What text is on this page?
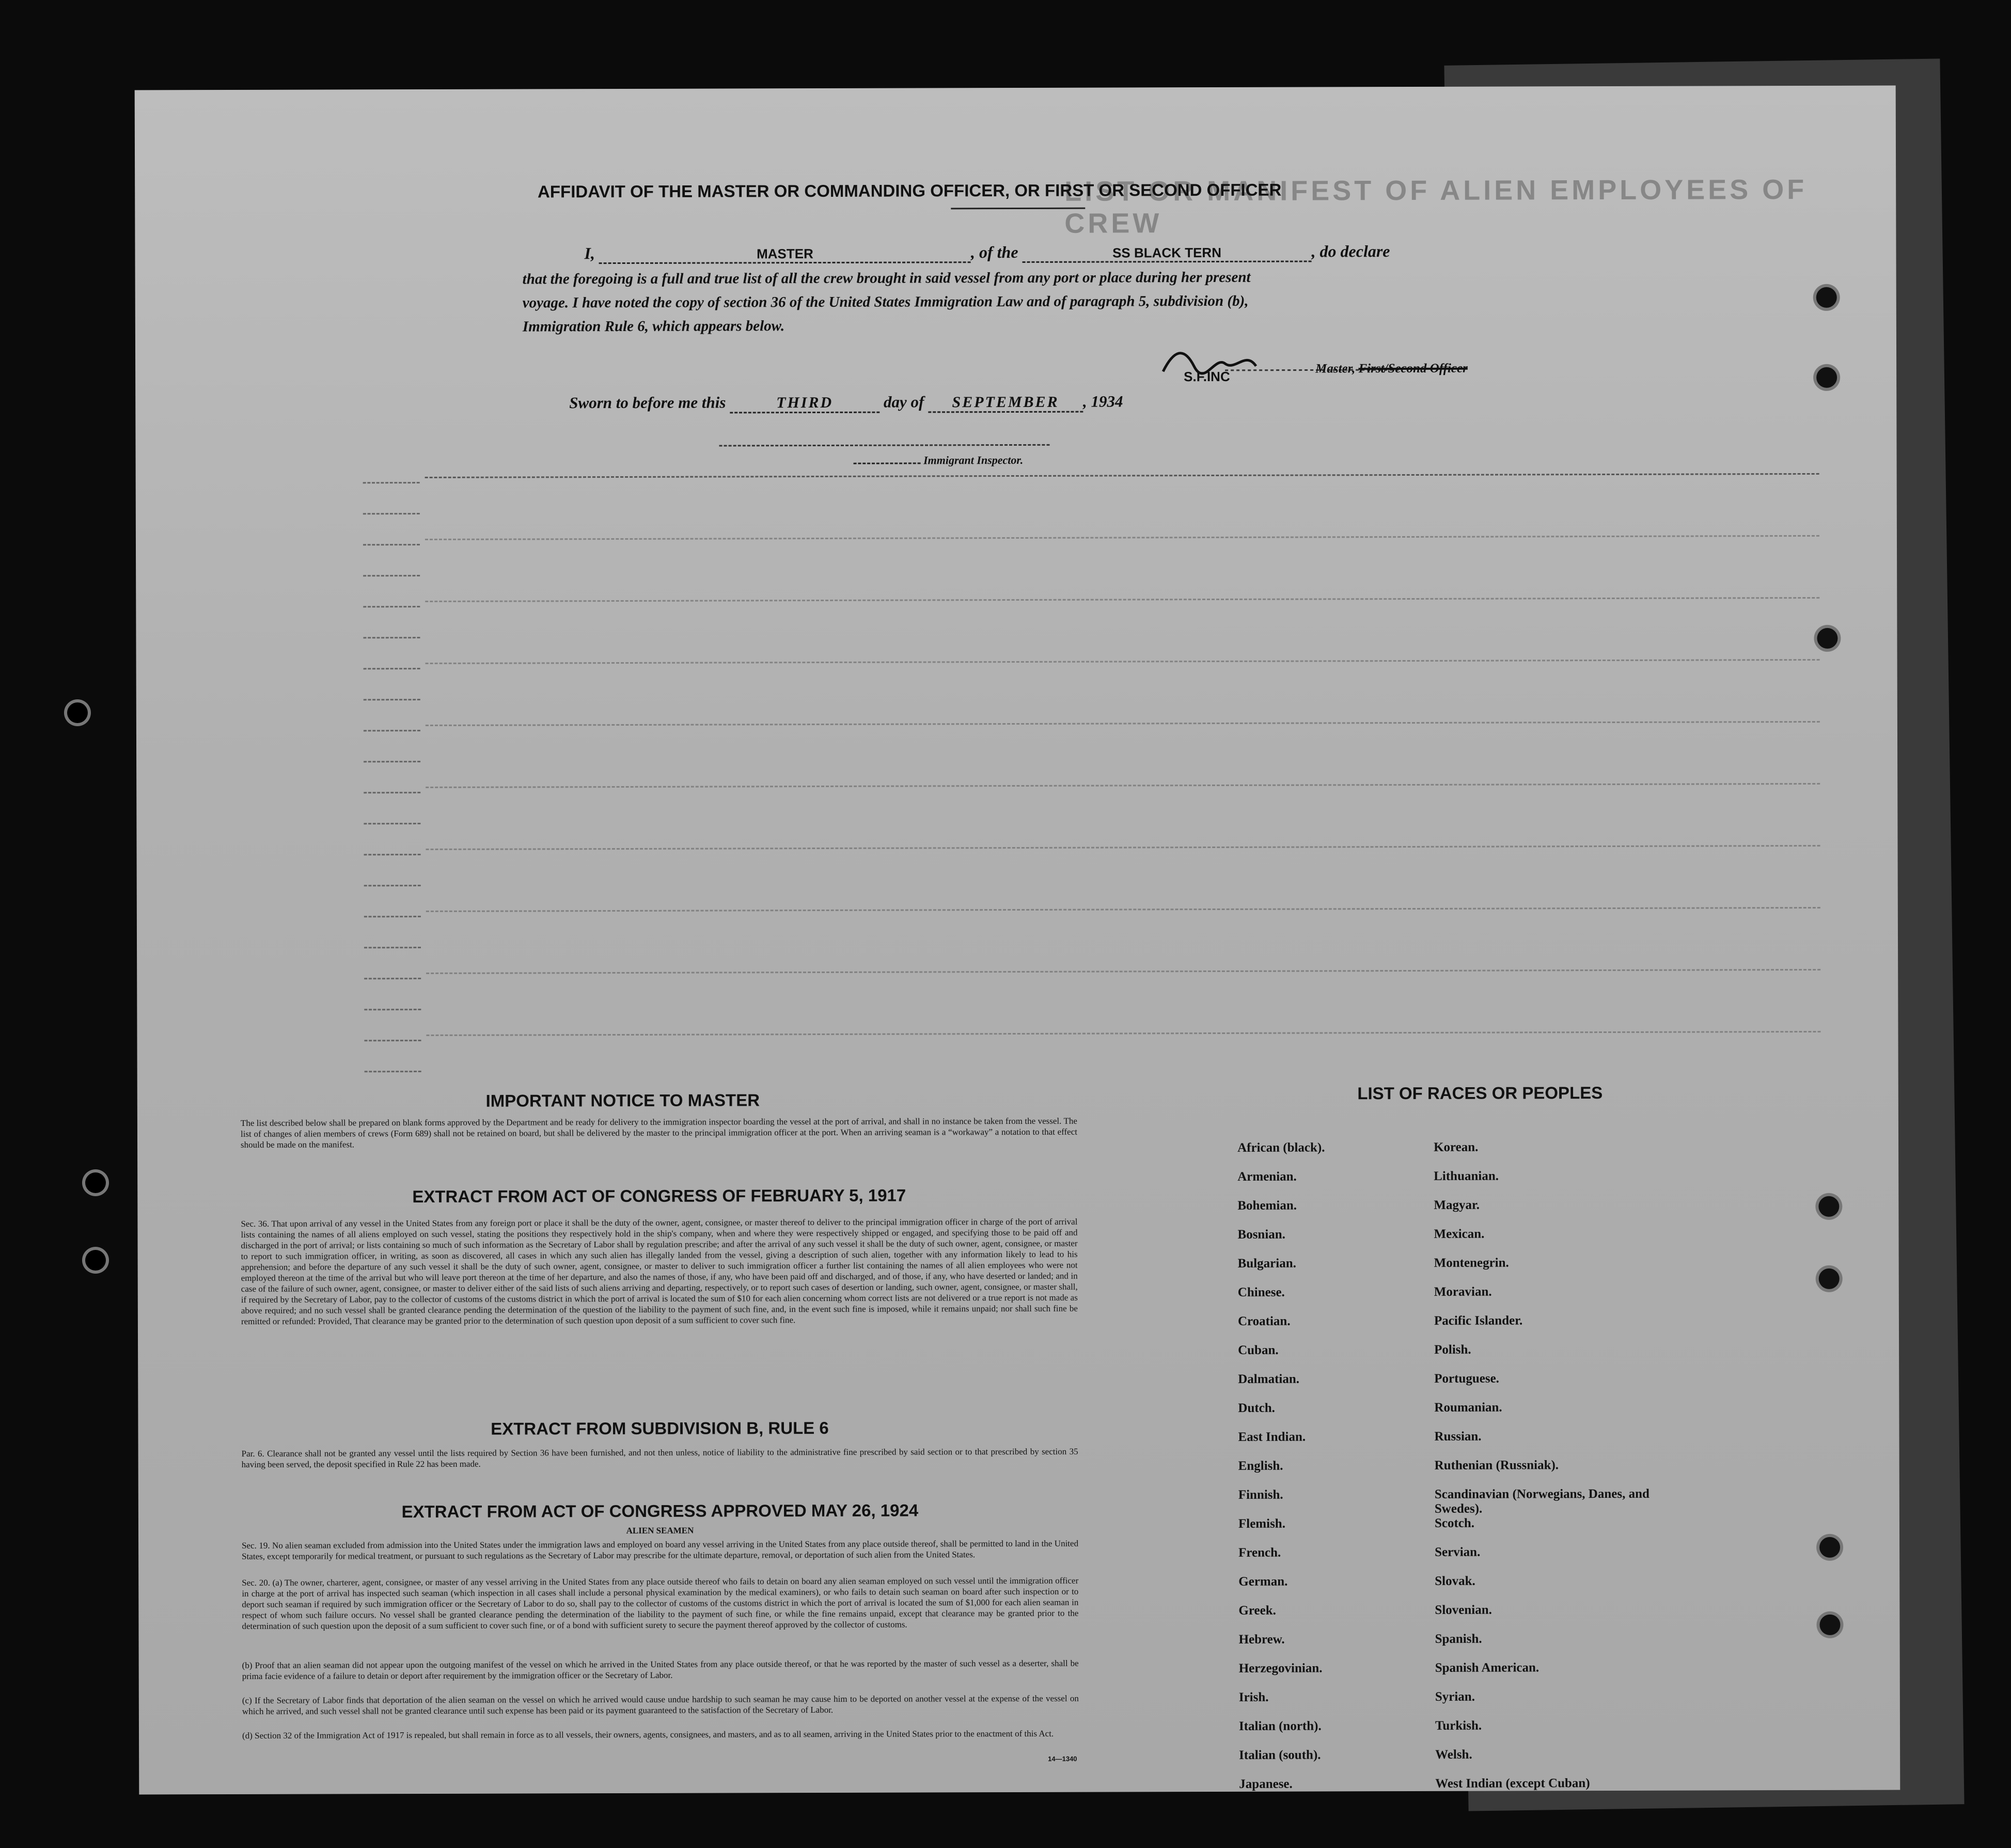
LIST OR MANIFEST OF ALIEN EMPLOYEES OF CREW
AFFIDAVIT OF THE MASTER OR COMMANDING OFFICER, OR FIRST OR SECOND OFFICER
I,	MASTER	, of the	SS BLACK TERN	, do declare
that the foregoing is a full and true list of all the crew brought in said vessel from any port or place during her present
voyage. I have noted the copy of section 36 of the United States Immigration Law and of paragraph 5, subdivision (b),
Immigration Rule 6, which appears below.
S.F.INC
Master, First/Second Officer
Sworn to before me this	THIRD	day of SEPTEMBER , 1934
Immigrant Inspector.
IMPORTANT NOTICE TO MASTER
The list described below shall be prepared on blank forms approved by the Department and be ready for delivery to the immigration inspector boarding the vessel at the port of arrival, and shall in no instance be taken from the vessel. The list of changes of alien members of crews (Form 689) shall not be retained on board, but shall be delivered by the master to the principal immigration officer at the port. When an arriving seaman is a “workaway” a notation to that effect should be made on the manifest.
EXTRACT FROM ACT OF CONGRESS OF FEBRUARY 5, 1917
Sec. 36. That upon arrival of any vessel in the United States from any foreign port or place it shall be the duty of the owner, agent, consignee, or master thereof to deliver to the principal immigration officer in charge of the port of arrival lists containing the names of all aliens employed on such vessel, stating the positions they respectively hold in the ship's company, when and where they were respectively shipped or engaged, and specifying those to be paid off and discharged in the port of arrival; or lists containing so much of such information as the Secretary of Labor shall by regulation prescribe; and after the arrival of any such vessel it shall be the duty of such owner, agent, consignee, or master to report to such immigration officer, in writing, as soon as discovered, all cases in which any such alien has illegally landed from the vessel, giving a description of such alien, together with any information likely to lead to his apprehension; and before the departure of any such vessel it shall be the duty of such owner, agent, consignee, or master to deliver to such immigration officer a further list containing the names of all alien employees who were not employed thereon at the time of the arrival but who will leave port thereon at the time of her departure, and also the names of those, if any, who have been paid off and discharged, and of those, if any, who have deserted or landed; and in case of the failure of such owner, agent, consignee, or master to deliver either of the said lists of such aliens arriving and departing, respectively, or to report such cases of desertion or landing, such owner, agent, consignee, or master shall, if required by the Secretary of Labor, pay to the collector of customs of the customs district in which the port of arrival is located the sum of $10 for each alien concerning whom correct lists are not delivered or a true report is not made as above required; and no such vessel shall be granted clearance pending the determination of the question of the liability to the payment of such fine, and, in the event such fine is imposed, while it remains unpaid; nor shall such fine be remitted or refunded: Provided, That clearance may be granted prior to the determination of such question upon deposit of a sum sufficient to cover such fine.
EXTRACT FROM SUBDIVISION B, RULE 6
Par. 6. Clearance shall not be granted any vessel until the lists required by Section 36 have been furnished, and not then unless, notice of liability to the administrative fine prescribed by said section or to that prescribed by section 35 having been served, the deposit specified in Rule 22 has been made.
EXTRACT FROM ACT OF CONGRESS APPROVED MAY 26, 1924
ALIEN SEAMEN
Sec. 19. No alien seaman excluded from admission into the United States under the immigration laws and employed on board any vessel arriving in the United States from any place outside thereof, shall be permitted to land in the United States, except temporarily for medical treatment, or pursuant to such regulations as the Secretary of Labor may prescribe for the ultimate departure, removal, or deportation of such alien from the United States.
Sec. 20. (a) The owner, charterer, agent, consignee, or master of any vessel arriving in the United States from any place outside thereof who fails to detain on board any alien seaman employed on such vessel until the immigration officer in charge at the port of arrival has inspected such seaman (which inspection in all cases shall include a personal physical examination by the medical examiners), or who fails to detain such seaman on board after such inspection or to deport such seaman if required by such immigration officer or the Secretary of Labor to do so, shall pay to the collector of customs of the customs district in which the port of arrival is located the sum of $1,000 for each alien seaman in respect of whom such failure occurs. No vessel shall be granted clearance pending the determination of the liability to the payment of such fine, or while the fine remains unpaid, except that clearance may be granted prior to the determination of such question upon the deposit of a sum sufficient to cover such fine, or of a bond with sufficient surety to secure the payment thereof approved by the collector of customs.
(b) Proof that an alien seaman did not appear upon the outgoing manifest of the vessel on which he arrived in the United States from any place outside thereof, or that he was reported by the master of such vessel as a deserter, shall be prima facie evidence of a failure to detain or deport after requirement by the immigration officer or the Secretary of Labor.
(c) If the Secretary of Labor finds that deportation of the alien seaman on the vessel on which he arrived would cause undue hardship to such seaman he may cause him to be deported on another vessel at the expense of the vessel on which he arrived, and such vessel shall not be granted clearance until such expense has been paid or its payment guaranteed to the satisfaction of the Secretary of Labor.
(d) Section 32 of the Immigration Act of 1917 is repealed, but shall remain in force as to all vessels, their owners, agents, consignees, and masters, and as to all seamen, arriving in the United States prior to the enactment of this Act.
14—1340
LIST OF RACES OR PEOPLES
African (black).
Armenian.
Bohemian.
Bosnian.
Bulgarian.
Chinese.
Croatian.
Cuban.
Dalmatian.
Dutch.
East Indian.
English.
Finnish.
Flemish.
French.
German.
Greek.
Hebrew.
Herzegovinian.
Irish.
Italian (north).
Italian (south).
Japanese.
Korean.
Lithuanian.
Magyar.
Mexican.
Montenegrin.
Moravian.
Pacific Islander.
Polish.
Portuguese.
Roumanian.
Russian.
Ruthenian (Russniak).
Scandinavian (Norwegians, Danes, and Swedes).
Scotch.
Servian.
Slovak.
Slovenian.
Spanish.
Spanish American.
Syrian.
Turkish.
Welsh.
West Indian (except Cuban)
